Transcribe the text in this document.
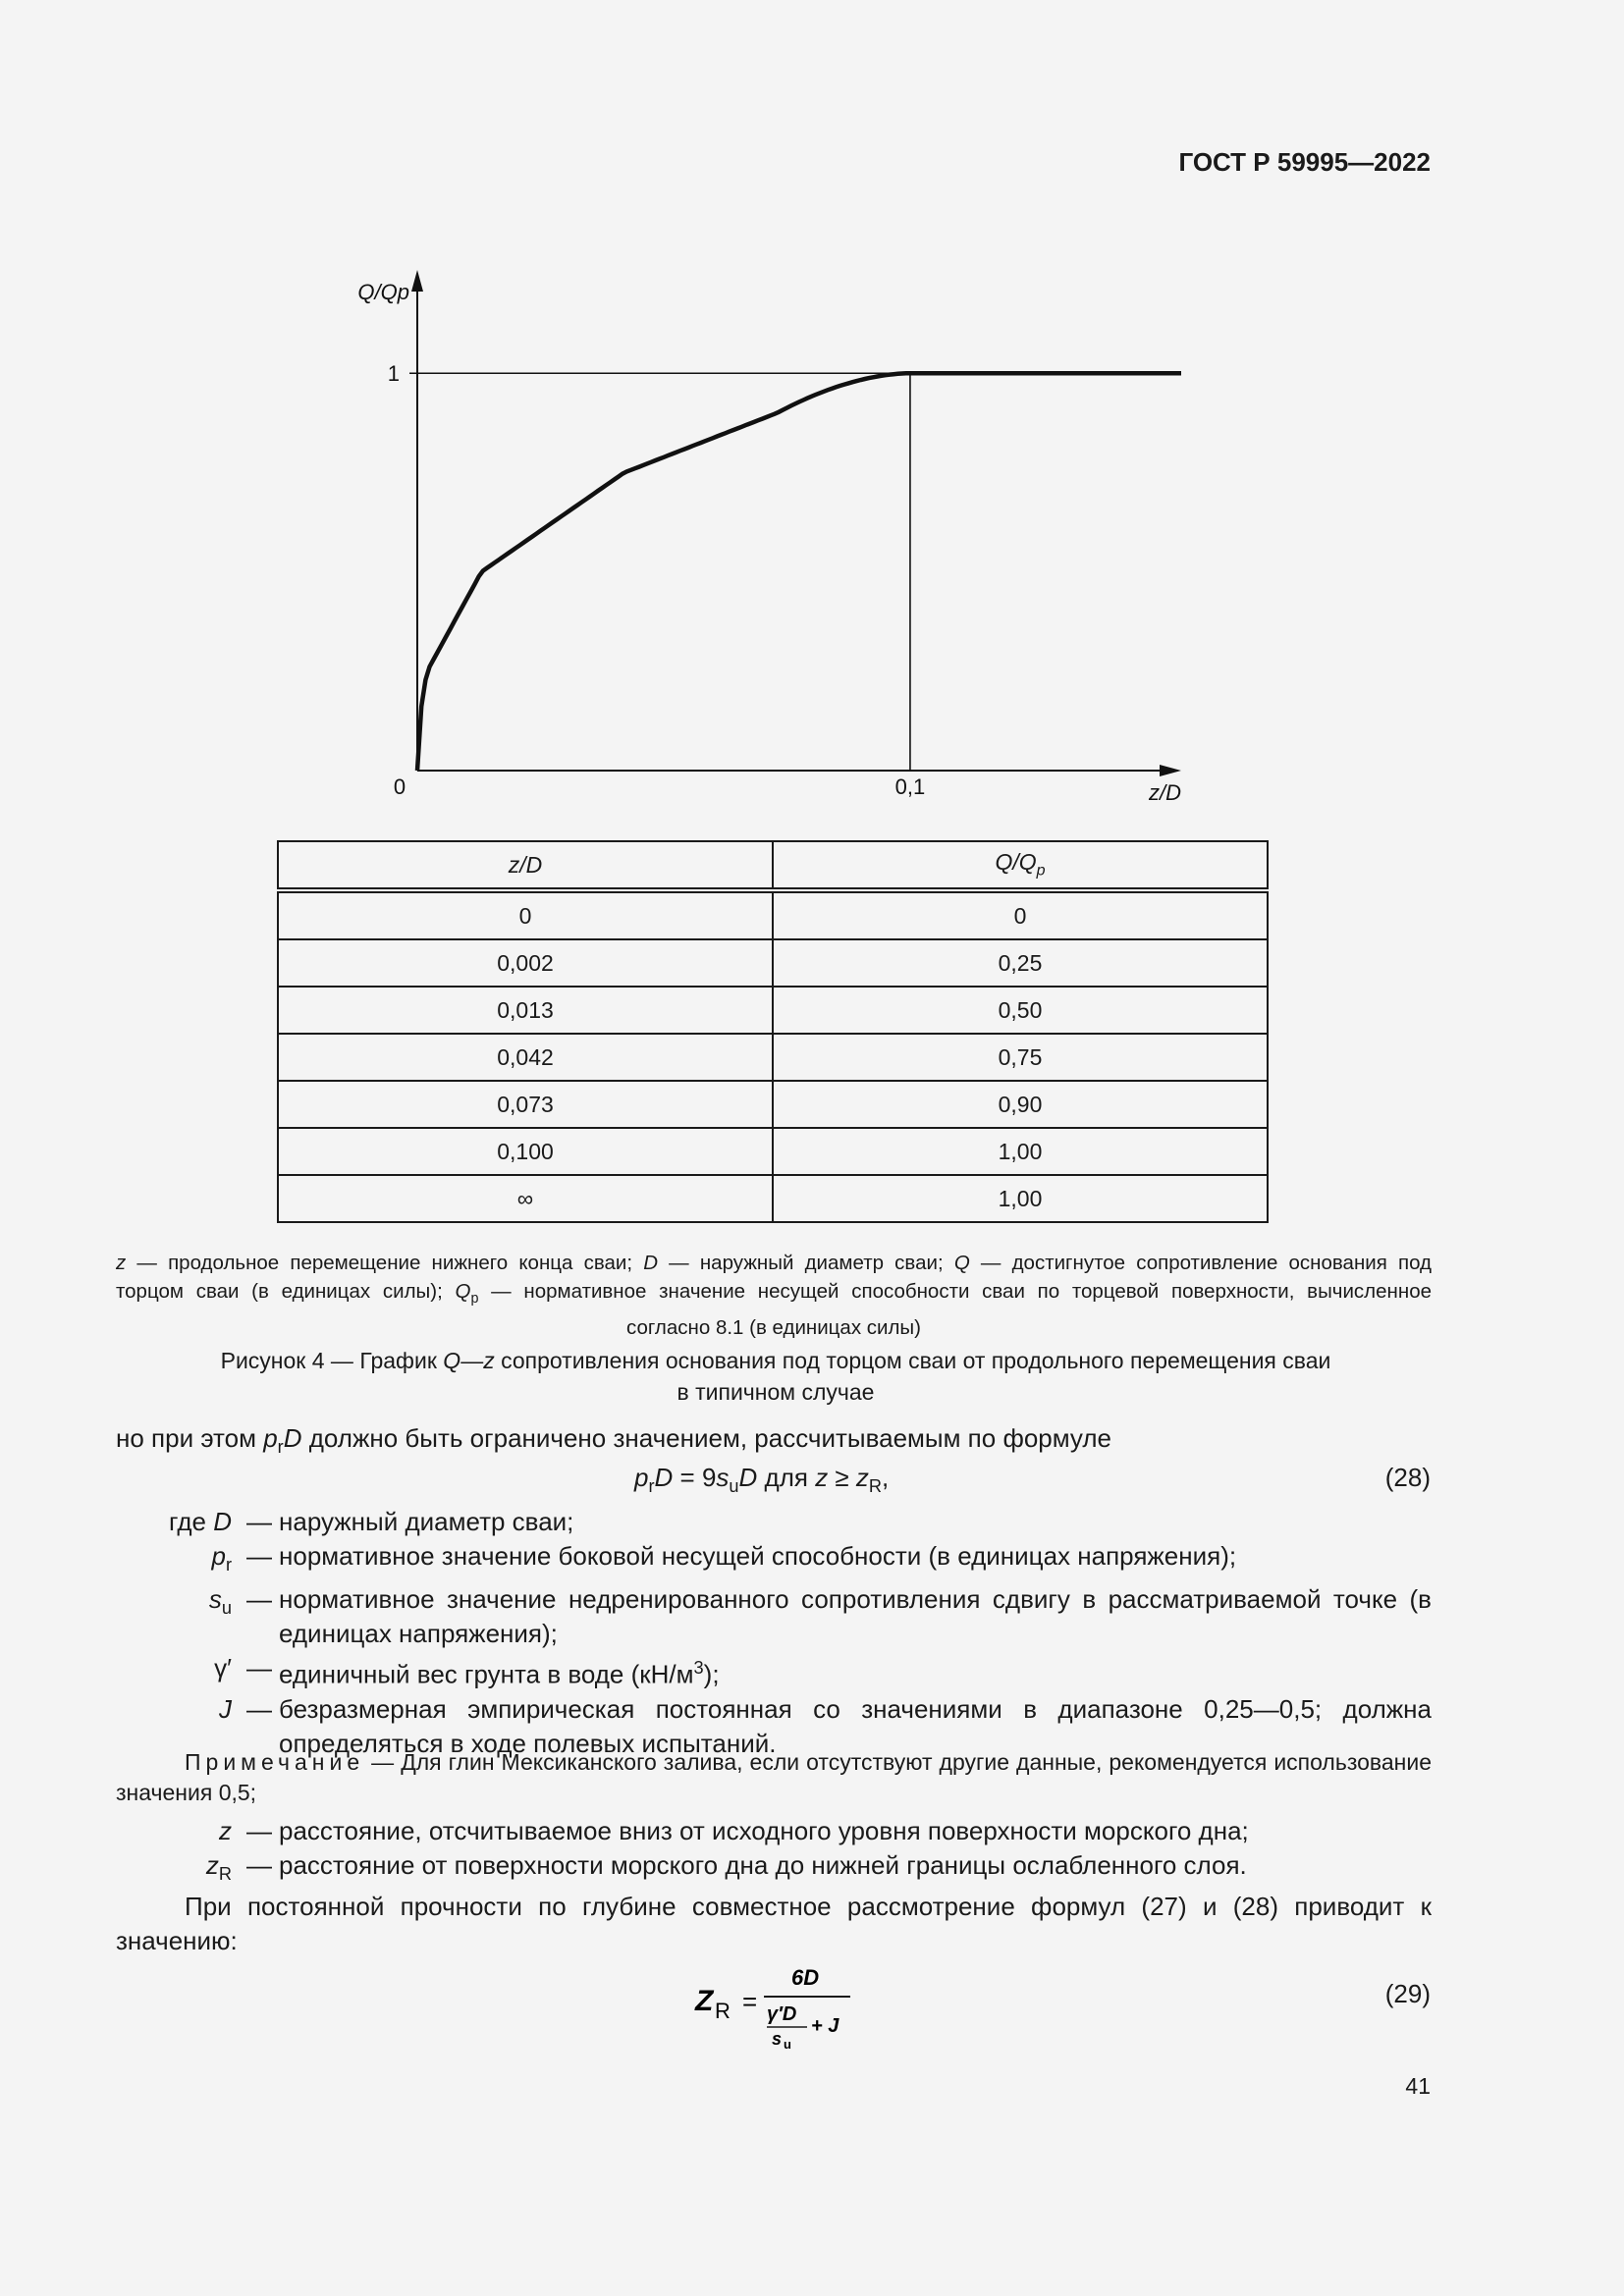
ГОСТ Р 59995—2022
0	0,1
1
Q/Qp
z/D
z/D	$Q/Q_p$
0	0
0,002	0,25
0,013	0,50
0,042	0,75
0,073	0,90
0,100	1,00
∞	1,00
z — продольное перемещение нижнего конца сваи; D — наружный диаметр сваи; Q — достигнутое сопротивление основания под
торцом сваи (в единицах силы); $Q_p$ — нормативное значение несущей способности сваи по торцевой поверхности, вычисленное
согласно 8.1 (в единицах силы)
Рисунок 4 — График Q—z сопротивления основания под торцом сваи от продольного перемещения сваи
в типичном случае
но при этом $p_rD$ должно быть ограничено значением, рассчитываемым по формуле
$p_rD = 9s_uD$ для $z \ge z_R$,	(28)
где D — наружный диаметр сваи;
$p_r$ — нормативное значение боковой несущей способности (в единицах напряжения);
$s_u$ — нормативное значение недренированного сопротивления сдвигу в рассматриваемой точке (в единицах напряжения);
γ′ — единичный вес грунта в воде $(кН/м^3)$;
J — безразмерная эмпирическая постоянная со значениями в диапазоне 0,25—0,5; должна определяться в ходе полевых испытаний.
Примечание — Для глин Мексиканского залива, если отсутствуют другие данные, рекомендуется использование значения 0,5;
z — расстояние, отсчитываемое вниз от исходного уровня поверхности морского дна;
$z_R$ — расстояние от поверхности морского дна до нижней границы ослабленного слоя.
При постоянной прочности по глубине совместное рассмотрение формул (27) и (28) приводит к значению:
Z R =
6D
γ′D
s u
+ J
(29)
41
